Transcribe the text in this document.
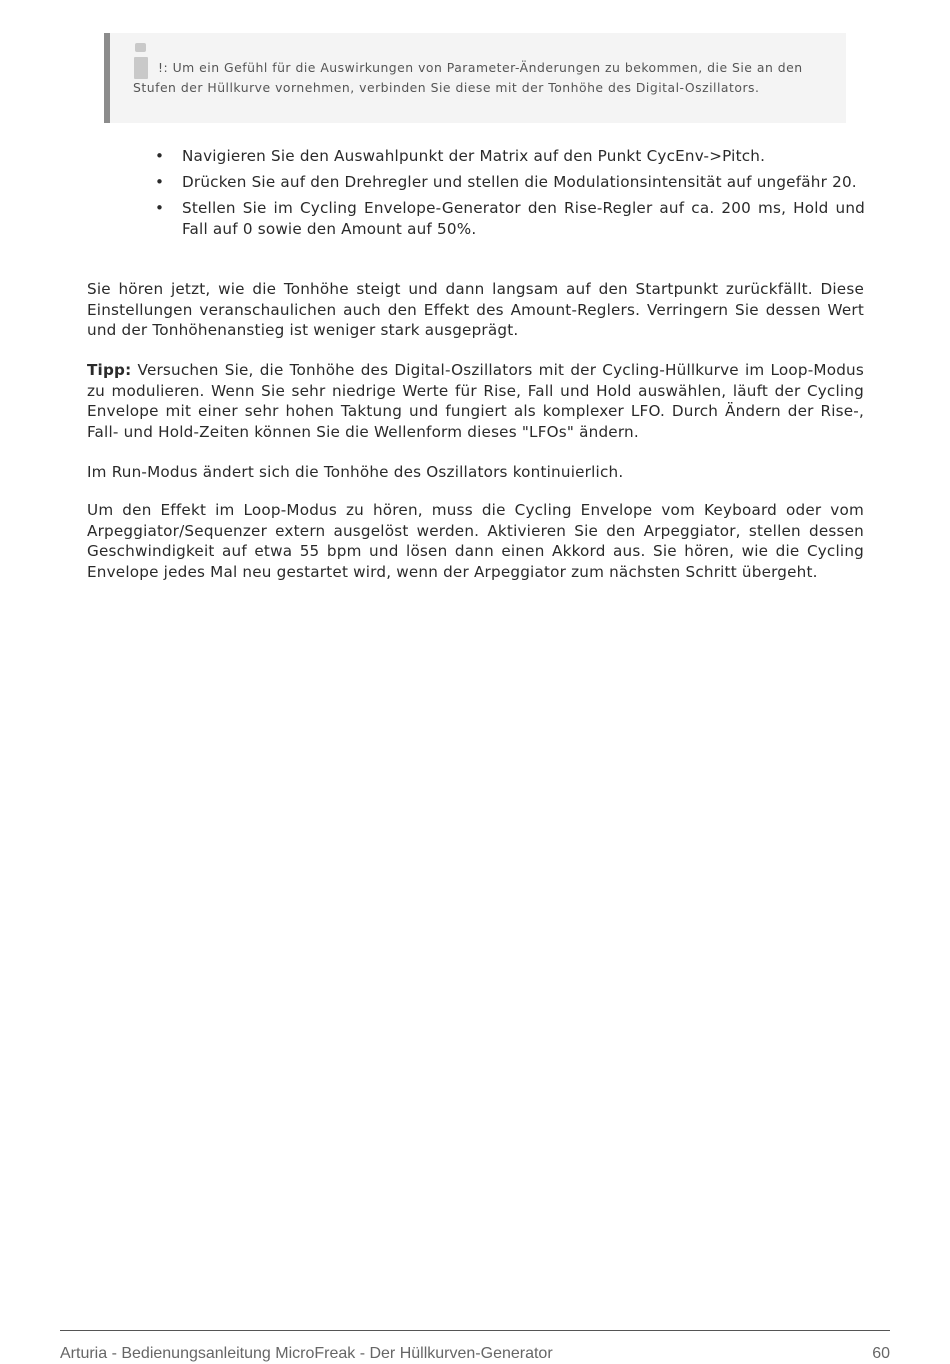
!: Um ein Gefühl für die Auswirkungen von Parameter-Änderungen zu bekommen, die Sie an den Stufen der Hüllkurve vornehmen, verbinden Sie diese mit der Tonhöhe des Digital-Oszillators.
• Navigieren Sie den Auswahlpunkt der Matrix auf den Punkt CycEnv->Pitch.
• Drücken Sie auf den Drehregler und stellen die Modulationsintensität auf ungefähr 20.
• Stellen Sie im Cycling Envelope-Generator den Rise-Regler auf ca. 200 ms, Hold und Fall auf 0 sowie den Amount auf 50%.

Sie hören jetzt, wie die Tonhöhe steigt und dann langsam auf den Startpunkt zurückfällt. Diese Einstellungen veranschaulichen auch den Effekt des Amount-Reglers. Verringern Sie dessen Wert und der Tonhöhenanstieg ist weniger stark ausgeprägt.

Tipp: Versuchen Sie, die Tonhöhe des Digital-Oszillators mit der Cycling-Hüllkurve im Loop-Modus zu modulieren. Wenn Sie sehr niedrige Werte für Rise, Fall und Hold auswählen, läuft der Cycling Envelope mit einer sehr hohen Taktung und fungiert als komplexer LFO. Durch Ändern der Rise-, Fall- und Hold-Zeiten können Sie die Wellenform dieses "LFOs" ändern.

Im Run-Modus ändert sich die Tonhöhe des Oszillators kontinuierlich.

Um den Effekt im Loop-Modus zu hören, muss die Cycling Envelope vom Keyboard oder vom Arpeggiator/Sequenzer extern ausgelöst werden. Aktivieren Sie den Arpeggiator, stellen dessen Geschwindigkeit auf etwa 55 bpm und lösen dann einen Akkord aus. Sie hören, wie die Cycling Envelope jedes Mal neu gestartet wird, wenn der Arpeggiator zum nächsten Schritt übergeht.

Arturia - Bedienungsanleitung MicroFreak - Der Hüllkurven-Generator	60
